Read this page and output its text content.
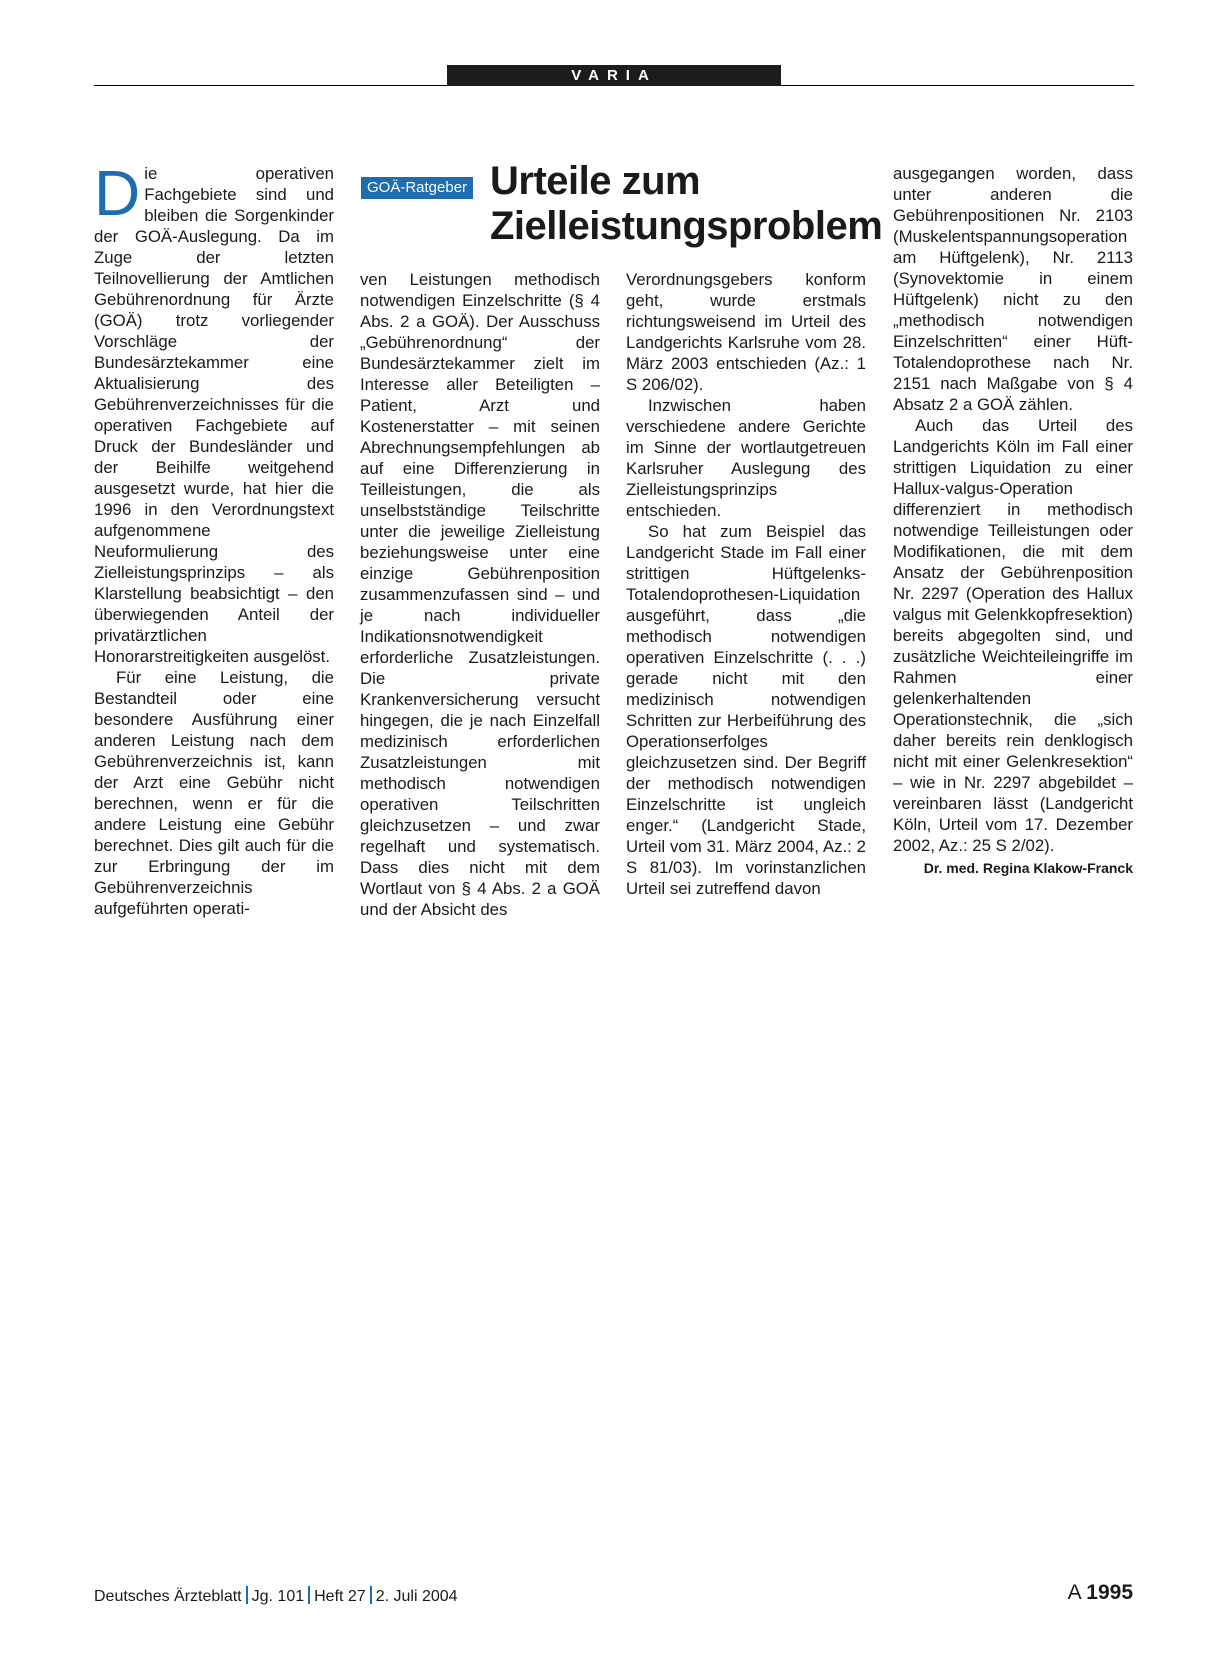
VARIA

Die operativen Fachgebiete sind und bleiben die Sorgenkinder der GOÄ-Auslegung. Da im Zuge der letzten Teilnovellierung der Amtlichen Gebührenordnung für Ärzte (GOÄ) trotz vorliegender Vorschläge der Bundesärztekammer eine Aktualisierung des Gebührenverzeichnisses für die operativen Fachgebiete auf Druck der Bundesländer und der Beihilfe weitgehend ausgesetzt wurde, hat hier die 1996 in den Verordnungstext aufgenommene Neuformulierung des Zielleistungsprinzips – als Klarstellung beabsichtigt – den überwiegenden Anteil der privatärztlichen Honorarstreitigkeiten ausgelöst.

Für eine Leistung, die Bestandteil oder eine besondere Ausführung einer anderen Leistung nach dem Gebührenverzeichnis ist, kann der Arzt eine Gebühr nicht berechnen, wenn er für die andere Leistung eine Gebühr berechnet. Dies gilt auch für die zur Erbringung der im Gebührenverzeichnis aufgeführten operati-

GOÄ-Ratgeber Urteile zum Zielleistungsproblem

ven Leistungen methodisch notwendigen Einzelschritte (§ 4 Abs. 2 a GOÄ). Der Ausschuss „Gebührenordnung“ der Bundesärztekammer zielt im Interesse aller Beteiligten – Patient, Arzt und Kostenerstatter – mit seinen Abrechnungsempfehlungen ab auf eine Differenzierung in Teilleistungen, die als unselbstständige Teilschritte unter die jeweilige Zielleistung beziehungsweise unter eine einzige Gebührenposition zusammenzufassen sind – und je nach individueller Indikationsnotwendigkeit erforderliche Zusatzleistungen. Die private Krankenversicherung versucht hingegen, die je nach Einzelfall medizinisch erforderlichen Zusatzleistungen mit methodisch notwendigen operativen Teilschritten gleichzusetzen – und zwar regelhaft und systematisch. Dass dies nicht mit dem Wortlaut von § 4 Abs. 2 a GOÄ und der Absicht des

Verordnungsgebers konform geht, wurde erstmals richtungsweisend im Urteil des Landgerichts Karlsruhe vom 28. März 2003 entschieden (Az.: 1 S 206/02).

Inzwischen haben verschiedene andere Gerichte im Sinne der wortlautgetreuen Karlsruher Auslegung des Zielleistungsprinzips entschieden.

So hat zum Beispiel das Landgericht Stade im Fall einer strittigen Hüftgelenks-Totalendoprothesen-Liquidation ausgeführt, dass „die methodisch notwendigen operativen Einzelschritte (. . .) gerade nicht mit den medizinisch notwendigen Schritten zur Herbeiführung des Operationserfolges gleichzusetzen sind. Der Begriff der methodisch notwendigen Einzelschritte ist ungleich enger.“ (Landgericht Stade, Urteil vom 31. März 2004, Az.: 2 S 81/03). Im vorinstanzlichen Urteil sei zutreffend davon

ausgegangen worden, dass unter anderen die Gebührenpositionen Nr. 2103 (Muskelentspannungsoperation am Hüftgelenk), Nr. 2113 (Synovektomie in einem Hüftgelenk) nicht zu den „methodisch notwendigen Einzelschritten“ einer Hüft-Totalendoprothese nach Nr. 2151 nach Maßgabe von § 4 Absatz 2 a GOÄ zählen.

Auch das Urteil des Landgerichts Köln im Fall einer strittigen Liquidation zu einer Hallux-valgus-Operation differenziert in methodisch notwendige Teilleistungen oder Modifikationen, die mit dem Ansatz der Gebührenposition Nr. 2297 (Operation des Hallux valgus mit Gelenkkopfresektion) bereits abgegolten sind, und zusätzliche Weichteileingriffe im Rahmen einer gelenkerhaltenden Operationstechnik, die „sich daher bereits rein denklogisch nicht mit einer Gelenkresektion“ – wie in Nr. 2297 abgebildet – vereinbaren lässt (Landgericht Köln, Urteil vom 17. Dezember 2002, Az.: 25 S 2/02).

Dr. med. Regina Klakow-Franck

Deutsches Ärzteblatt Jg. 101 Heft 27 2. Juli 2004	A 1995
